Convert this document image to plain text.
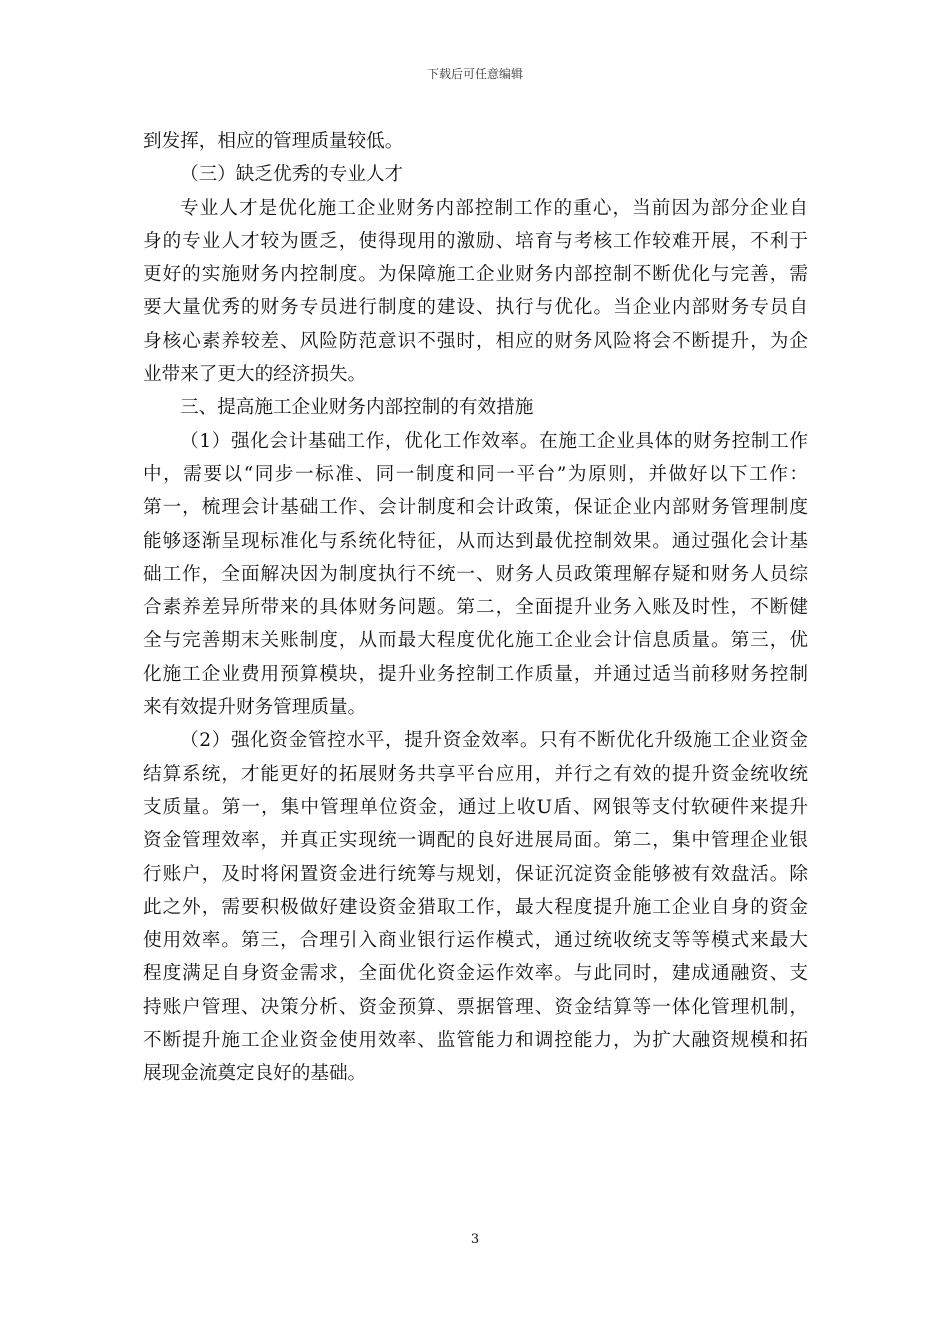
下载后可任意编辑
到发挥，相应的管理质量较低。
（三）缺乏优秀的专业人才
专业人才是优化施工企业财务内部控制工作的重心，当前因为部分企业自
身的专业人才较为匮乏，使得现用的激励、培育与考核工作较难开展，不利于
更好的实施财务内控制度。为保障施工企业财务内部控制不断优化与完善，需
要大量优秀的财务专员进行制度的建设、执行与优化。当企业内部财务专员自
身核心素养较差、风险防范意识不强时，相应的财务风险将会不断提升，为企
业带来了更大的经济损失。
三、提高施工企业财务内部控制的有效措施
（1）强化会计基础工作，优化工作效率。在施工企业具体的财务控制工作
中，需要以“同步一标准、同一制度和同一平台”为原则，并做好以下工作：
第一，梳理会计基础工作、会计制度和会计政策，保证企业内部财务管理制度
能够逐渐呈现标准化与系统化特征，从而达到最优控制效果。通过强化会计基
础工作，全面解决因为制度执行不统一、财务人员政策理解存疑和财务人员综
合素养差异所带来的具体财务问题。第二，全面提升业务入账及时性，不断健
全与完善期末关账制度，从而最大程度优化施工企业会计信息质量。第三，优
化施工企业费用预算模块，提升业务控制工作质量，并通过适当前移财务控制
来有效提升财务管理质量。
（2）强化资金管控水平，提升资金效率。只有不断优化升级施工企业资金
结算系统，才能更好的拓展财务共享平台应用，并行之有效的提升资金统收统
支质量。第一，集中管理单位资金，通过上收U盾、网银等支付软硬件来提升
资金管理效率，并真正实现统一调配的良好进展局面。第二，集中管理企业银
行账户，及时将闲置资金进行统筹与规划，保证沉淀资金能够被有效盘活。除
此之外，需要积极做好建设资金猎取工作，最大程度提升施工企业自身的资金
使用效率。第三，合理引入商业银行运作模式，通过统收统支等等模式来最大
程度满足自身资金需求，全面优化资金运作效率。与此同时，建成通融资、支
持账户管理、决策分析、资金预算、票据管理、资金结算等一体化管理机制，
不断提升施工企业资金使用效率、监管能力和调控能力，为扩大融资规模和拓
展现金流奠定良好的基础。
3
